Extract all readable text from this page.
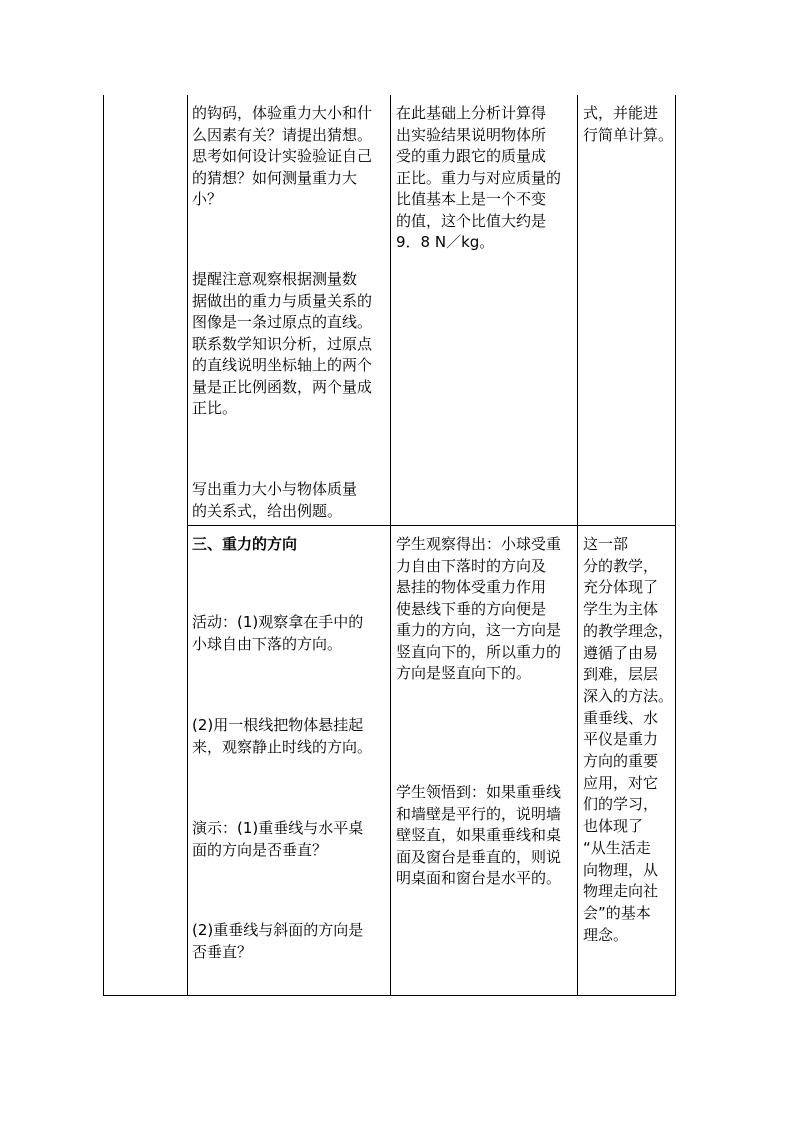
的钩码，体验重力大小和什

么因素有关？请提出猜想。

思考如何设计实验验证自己

的猜想？如何测量重力大

小？

提醒注意观察根据测量数

据做出的重力与质量关系的

图像是一条过原点的直线。

联系数学知识分析，过原点

的直线说明坐标轴上的两个

量是正比例函数，两个量成

正比。

写出重力大小与物体质量

的关系式，给出例题。

在此基础上分析计算得

出实验结果说明物体所

受的重力跟它的质量成

正比。重力与对应质量的

比值基本上是一个不变

的值，这个比值大约是

9．8 N／kg。

式，并能进

行简单计算。

三、重力的方向

活动：(1)观察拿在手中的

小球自由下落的方向。

(2)用一根线把物体悬挂起

来，观察静止时线的方向。

演示：(1)重垂线与水平桌

面的方向是否垂直？

(2)重垂线与斜面的方向是

否垂直？

学生观察得出：小球受重

力自由下落时的方向及

悬挂的物体受重力作用

使悬线下垂的方向便是

重力的方向，这一方向是

竖直向下的，所以重力的

方向是竖直向下的。

学生领悟到：如果重垂线

和墙壁是平行的，说明墙

壁竖直，如果重垂线和桌

面及窗台是垂直的，则说

明桌面和窗台是水平的。

这一部

分的教学，

充分体现了

学生为主体

的教学理念，

遵循了由易

到难，层层

深入的方法。

重垂线、水

平仪是重力

方向的重要

应用，对它

们的学习，

也体现了

“从生活走

向物理，从

物理走向社

会”的基本

理念。
